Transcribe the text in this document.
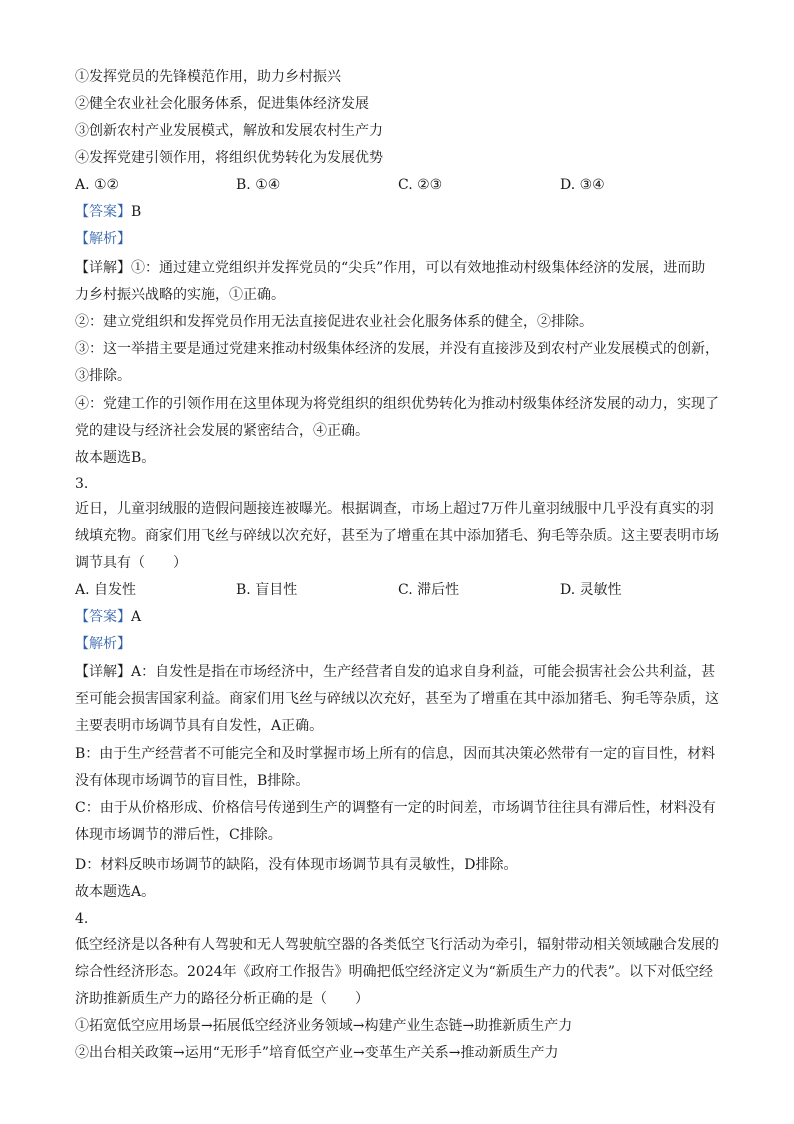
①发挥党员的先锋模范作用，助力乡村振兴
②健全农业社会化服务体系，促进集体经济发展
③创新农村产业发展模式，解放和发展农村生产力
④发挥党建引领作用，将组织优势转化为发展优势
A. ①②	B. ①④	C. ②③	D. ③④
【答案】B
【解析】
【详解】①：通过建立党组织并发挥党员的“尖兵”作用，可以有效地推动村级集体经济的发展，进而助
力乡村振兴战略的实施，①正确。
②：建立党组织和发挥党员作用无法直接促进农业社会化服务体系的健全，②排除。
③：这一举措主要是通过党建来推动村级集体经济的发展，并没有直接涉及到农村产业发展模式的创新，
③排除。
④：党建工作的引领作用在这里体现为将党组织的组织优势转化为推动村级集体经济发展的动力，实现了
党的建设与经济社会发展的紧密结合，④正确。
故本题选B。
3.
近日，儿童羽绒服的造假问题接连被曝光。根据调查，市场上超过7万件儿童羽绒服中几乎没有真实的羽
绒填充物。商家们用飞丝与碎绒以次充好，甚至为了增重在其中添加猪毛、狗毛等杂质。这主要表明市场
调节具有（　　）
A. 自发性	B. 盲目性	C. 滞后性	D. 灵敏性
【答案】A
【解析】
【详解】A：自发性是指在市场经济中，生产经营者自发的追求自身利益，可能会损害社会公共利益，甚
至可能会损害国家利益。商家们用飞丝与碎绒以次充好，甚至为了增重在其中添加猪毛、狗毛等杂质，这
主要表明市场调节具有自发性，A正确。
B：由于生产经营者不可能完全和及时掌握市场上所有的信息，因而其决策必然带有一定的盲目性，材料
没有体现市场调节的盲目性，B排除。
C：由于从价格形成、价格信号传递到生产的调整有一定的时间差，市场调节往往具有滞后性，材料没有
体现市场调节的滞后性，C排除。
D：材料反映市场调节的缺陷，没有体现市场调节具有灵敏性，D排除。
故本题选A。
4.
低空经济是以各种有人驾驶和无人驾驶航空器的各类低空飞行活动为牵引，辐射带动相关领域融合发展的
综合性经济形态。2024年《政府工作报告》明确把低空经济定义为“新质生产力的代表”。以下对低空经
济助推新质生产力的路径分析正确的是（　　）
①拓宽低空应用场景→拓展低空经济业务领域→构建产业生态链→助推新质生产力
②出台相关政策→运用“无形手”培育低空产业→变革生产关系→推动新质生产力
